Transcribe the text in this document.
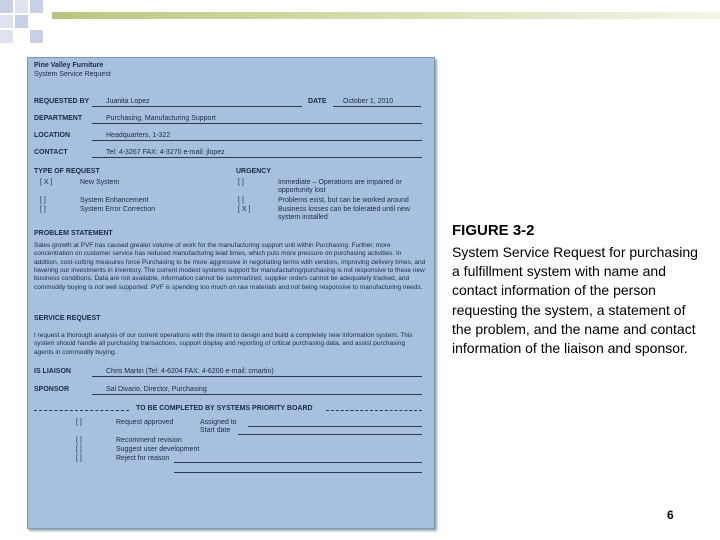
Pine Valley Furniture
System Service Request
REQUESTED BY Juanita Lopez	DATE October 1, 2010
DEPARTMENT	Purchasing, Manufacturing Support
LOCATION	Headquarters, 1-322
CONTACT	Tel: 4-3267 FAX: 4-3270 e-mail: jlopez
TYPE OF REQUEST
[ X ]	New System
[ ]	System Enhancement
[ ]	System Error Correction
URGENCY
[ ]	Immediate – Operations are impaired or opportunity lost
[ ]	Problems exist, but can be worked around
[ X ]	Business losses can be tolerated until new system installed
PROBLEM STATEMENT
Sales growth at PVF has caused greater volume of work for the manufacturing support unit within Purchasing. Further, more concentration on customer service has reduced manufacturing lead times, which puts more pressure on purchasing activities. In addition, cost-cutting measures force Purchasing to be more aggressive in negotiating terms with vendors, improving delivery times, and lowering our investments in inventory. The current modest systems support for manufacturing/purchasing is not responsive to these new business conditions. Data are not available, information cannot be summarized, supplier orders cannot be adequately tracked, and commodity buying is not well supported. PVF is spending too much on raw materials and not being responsive to manufacturing needs.
SERVICE REQUEST
I request a thorough analysis of our current operations with the intent to design and build a completely new information system. This system should handle all purchasing transactions, support display and reporting of critical purchasing data, and assist purchasing agents in commodity buying.
IS LIAISON	Chris Martin (Tel: 4-6204 FAX: 4-6200 e-mail: cmartin)
SPONSOR	Sal Divario, Director, Purchasing
TO BE COMPLETED BY SYSTEMS PRIORITY BOARD
[ ]	Request approved	Assigned to
Start date
[ ]	Recommend revision
[ ]	Suggest user development
[ ]	Reject for reason
FIGURE 3-2
System Service Request for purchasing a fulfillment system with name and contact information of the person requesting the system, a statement of the problem, and the name and contact information of the liaison and sponsor.
6
